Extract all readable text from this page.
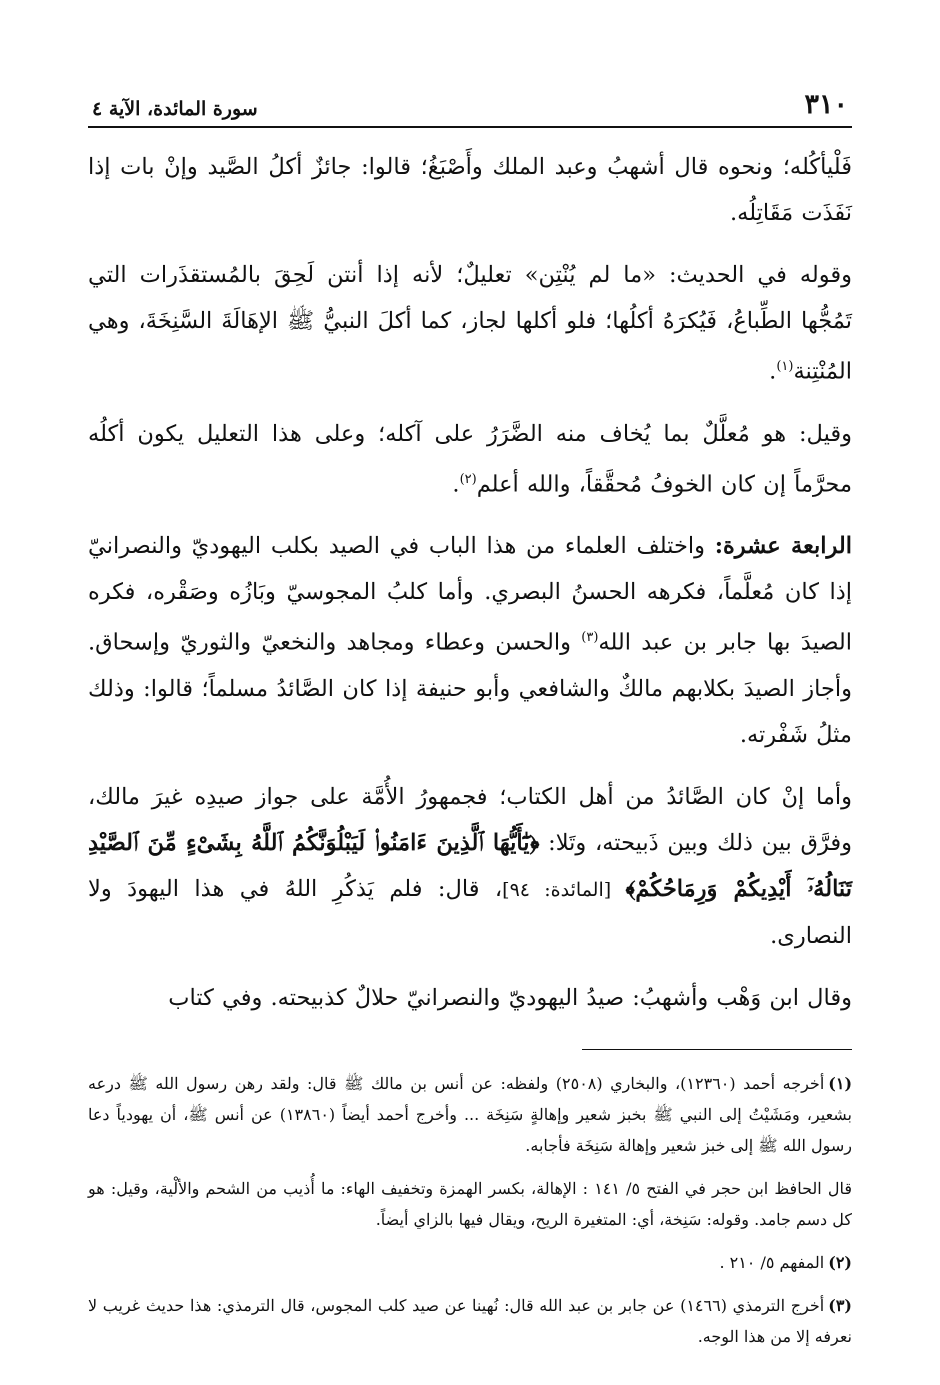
٣١٠
سورة المائدة، الآية ٤

فَلْيأكُله؛ ونحوه قال أشهبُ وعبد الملك وأَصْبَغُ؛ قالوا: جائزٌ أكلُ الصَّيد وإنْ بات إذا نَفَذَت مَقَاتِلُه.

وقوله في الحديث: «ما لم يُنْتِن» تعليلٌ؛ لأنه إذا أنتن لَحِقَ بالمُستقذَرات التي تَمُجُّها الطِّباعُ، فَيُكرَهُ أكلُها؛ فلو أكلها لجاز، كما أكلَ النبيُّ ﷺ الإهَالَةَ السَّنِخَةَ، وهي المُنْتِنة$^{(١)}$.

وقيل: هو مُعلَّلٌ بما يُخاف منه الضَّرَرُ على آكله؛ وعلى هذا التعليل يكون أكلُه محرَّماً إن كان الخوفُ مُحقَّقاً، والله أعلم$^{(٢)}$.

الرابعة عشرة: واختلف العلماء من هذا الباب في الصيد بكلب اليهوديّ والنصرانيّ إذا كان مُعلَّماً، فكرهه الحسنُ البصري. وأما كلبُ المجوسيّ وبَازُه وصَقْره، فكره الصيدَ بها جابر بن عبد الله$^{(٣)}$ والحسن وعطاء ومجاهد والنخعيّ والثوريّ وإسحاق. وأجاز الصيدَ بكلابهم مالكٌ والشافعي وأبو حنيفة إذا كان الصَّائدُ مسلماً؛ قالوا: وذلك مثلُ شَفْرته.

وأما إنْ كان الصَّائدُ من أهل الكتاب؛ فجمهورُ الأُمَّة على جواز صيدِه غيرَ مالك، وفرَّق بين ذلك وبين ذَبيحته، وتَلا: ﴿يَٰٓأَيُّهَا ٱلَّذِينَ ءَامَنُوا۟ لَيَبْلُوَنَّكُمُ ٱللَّهُ بِشَىْءٍ مِّنَ ٱلصَّيْدِ تَنَالُهُۥٓ أَيْدِيكُمْ وَرِمَاحُكُمْ﴾ [المائدة: ٩٤]، قال: فلم يَذكُرِ اللهُ في هذا اليهودَ ولا النصارى.

وقال ابن وَهْب وأشهبُ: صيدُ اليهوديّ والنصرانيّ حلالٌ كذبيحته. وفي كتاب

(١)أخرجه أحمد (١٢٣٦٠)، والبخاري (٢٥٠٨) ولفظه: عن أنس بن مالك ﷺ قال: ولقد رهن رسول الله ﷺ درعه بشعير، ومَشَيْتُ إلى النبي ﷺ بخبز شعير وإهالةٍ سَنِخَة ... وأخرج أحمد أيضاً (١٣٨٦٠) عن أنس ﷺ، أن يهودياً دعا رسول الله ﷺ إلى خبز شعير وإهالة سَنِخَة فأجابه.

قال الحافظ ابن حجر في الفتح ٥/ ١٤١ : الإهالة، بكسر الهمزة وتخفيف الهاء: ما أُذيب من الشحم والألْية، وقيل: هو كل دسم جامد. وقوله: سَنِخة، أي: المتغيرة الريح، ويقال فيها بالزاي أيضاً.

(٢)المفهم ٥/ ٢١٠ .

(٣)أخرج الترمذي (١٤٦٦) عن جابر بن عبد الله قال: نُهينا عن صيد كلب المجوس، قال الترمذي: هذا حديث غريب لا نعرفه إلا من هذا الوجه.
